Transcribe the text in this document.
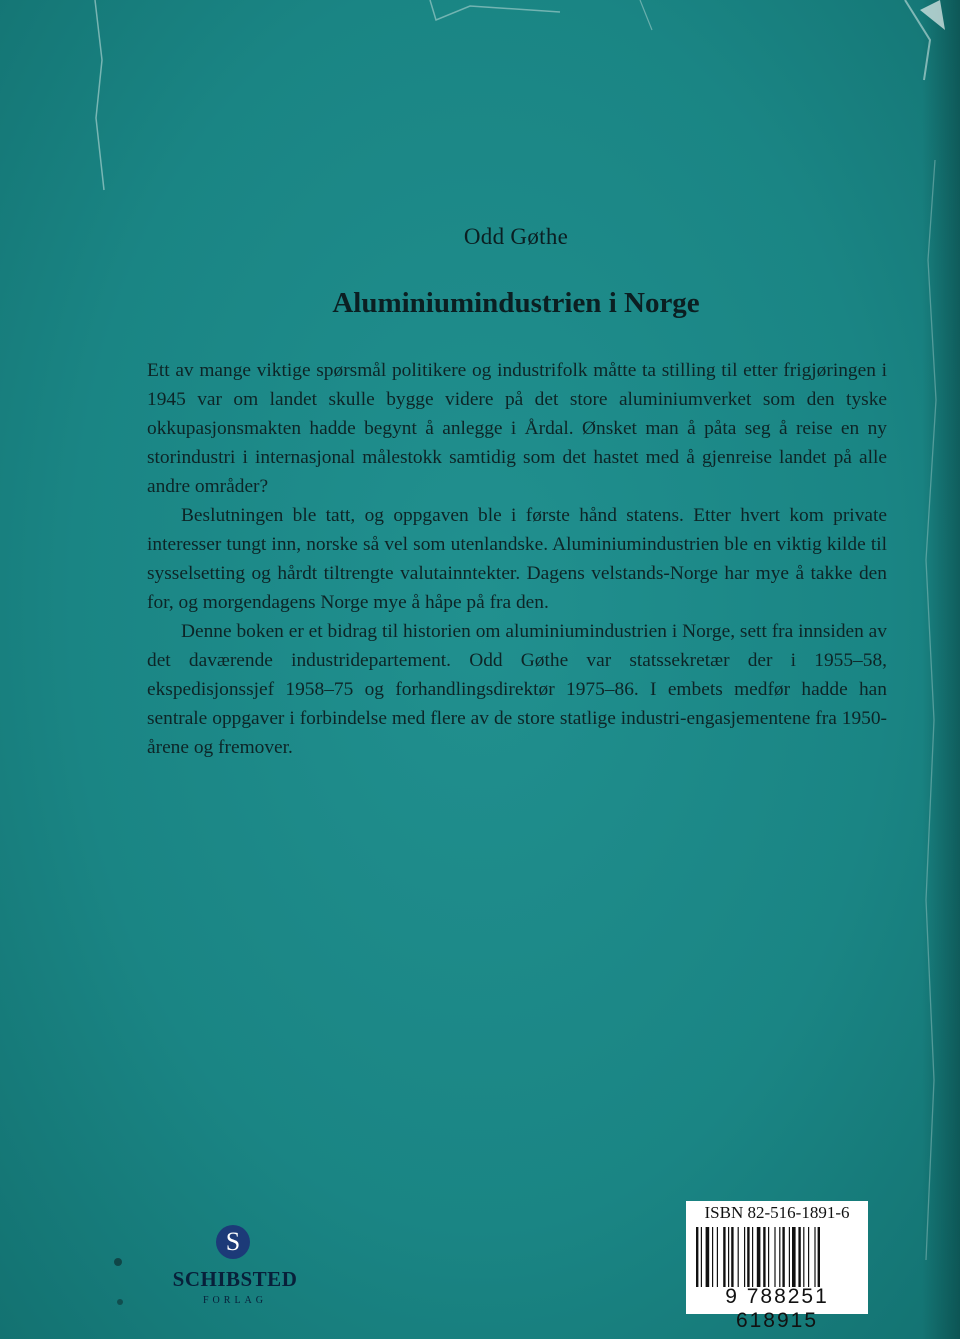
Odd Gøthe
Aluminiumindustrien i Norge

Ett av mange viktige spørsmål politikere og industrifolk måtte ta stilling til etter frigjøringen i 1945 var om landet skulle bygge videre på det store aluminiumverket som den tyske okkupasjonsmakten hadde begynt å anlegge i Årdal. Ønsket man å påta seg å reise en ny storindustri i internasjonal målestokk samtidig som det hastet med å gjenreise landet på alle andre områder?

Beslutningen ble tatt, og oppgaven ble i første hånd statens. Etter hvert kom private interesser tungt inn, norske så vel som utenlandske. Aluminiumindustrien ble en viktig kilde til sysselsetting og hårdt tiltrengte valutainntekter. Dagens velstands-Norge har mye å takke den for, og morgendagens Norge mye å håpe på fra den.

Denne boken er et bidrag til historien om aluminiumindustrien i Norge, sett fra innsiden av det daværende industridepartement. Odd Gøthe var statssekretær der i 1955–58, ekspedisjonssjef 1958–75 og forhandlingsdirektør 1975–86. I embets medfør hadde han sentrale oppgaver i forbindelse med flere av de store statlige industri-engasjementene fra 1950-årene og fremover.

S
SCHIBSTED
FORLAG
ISBN 82-516-1891-6
9 788251 618915
